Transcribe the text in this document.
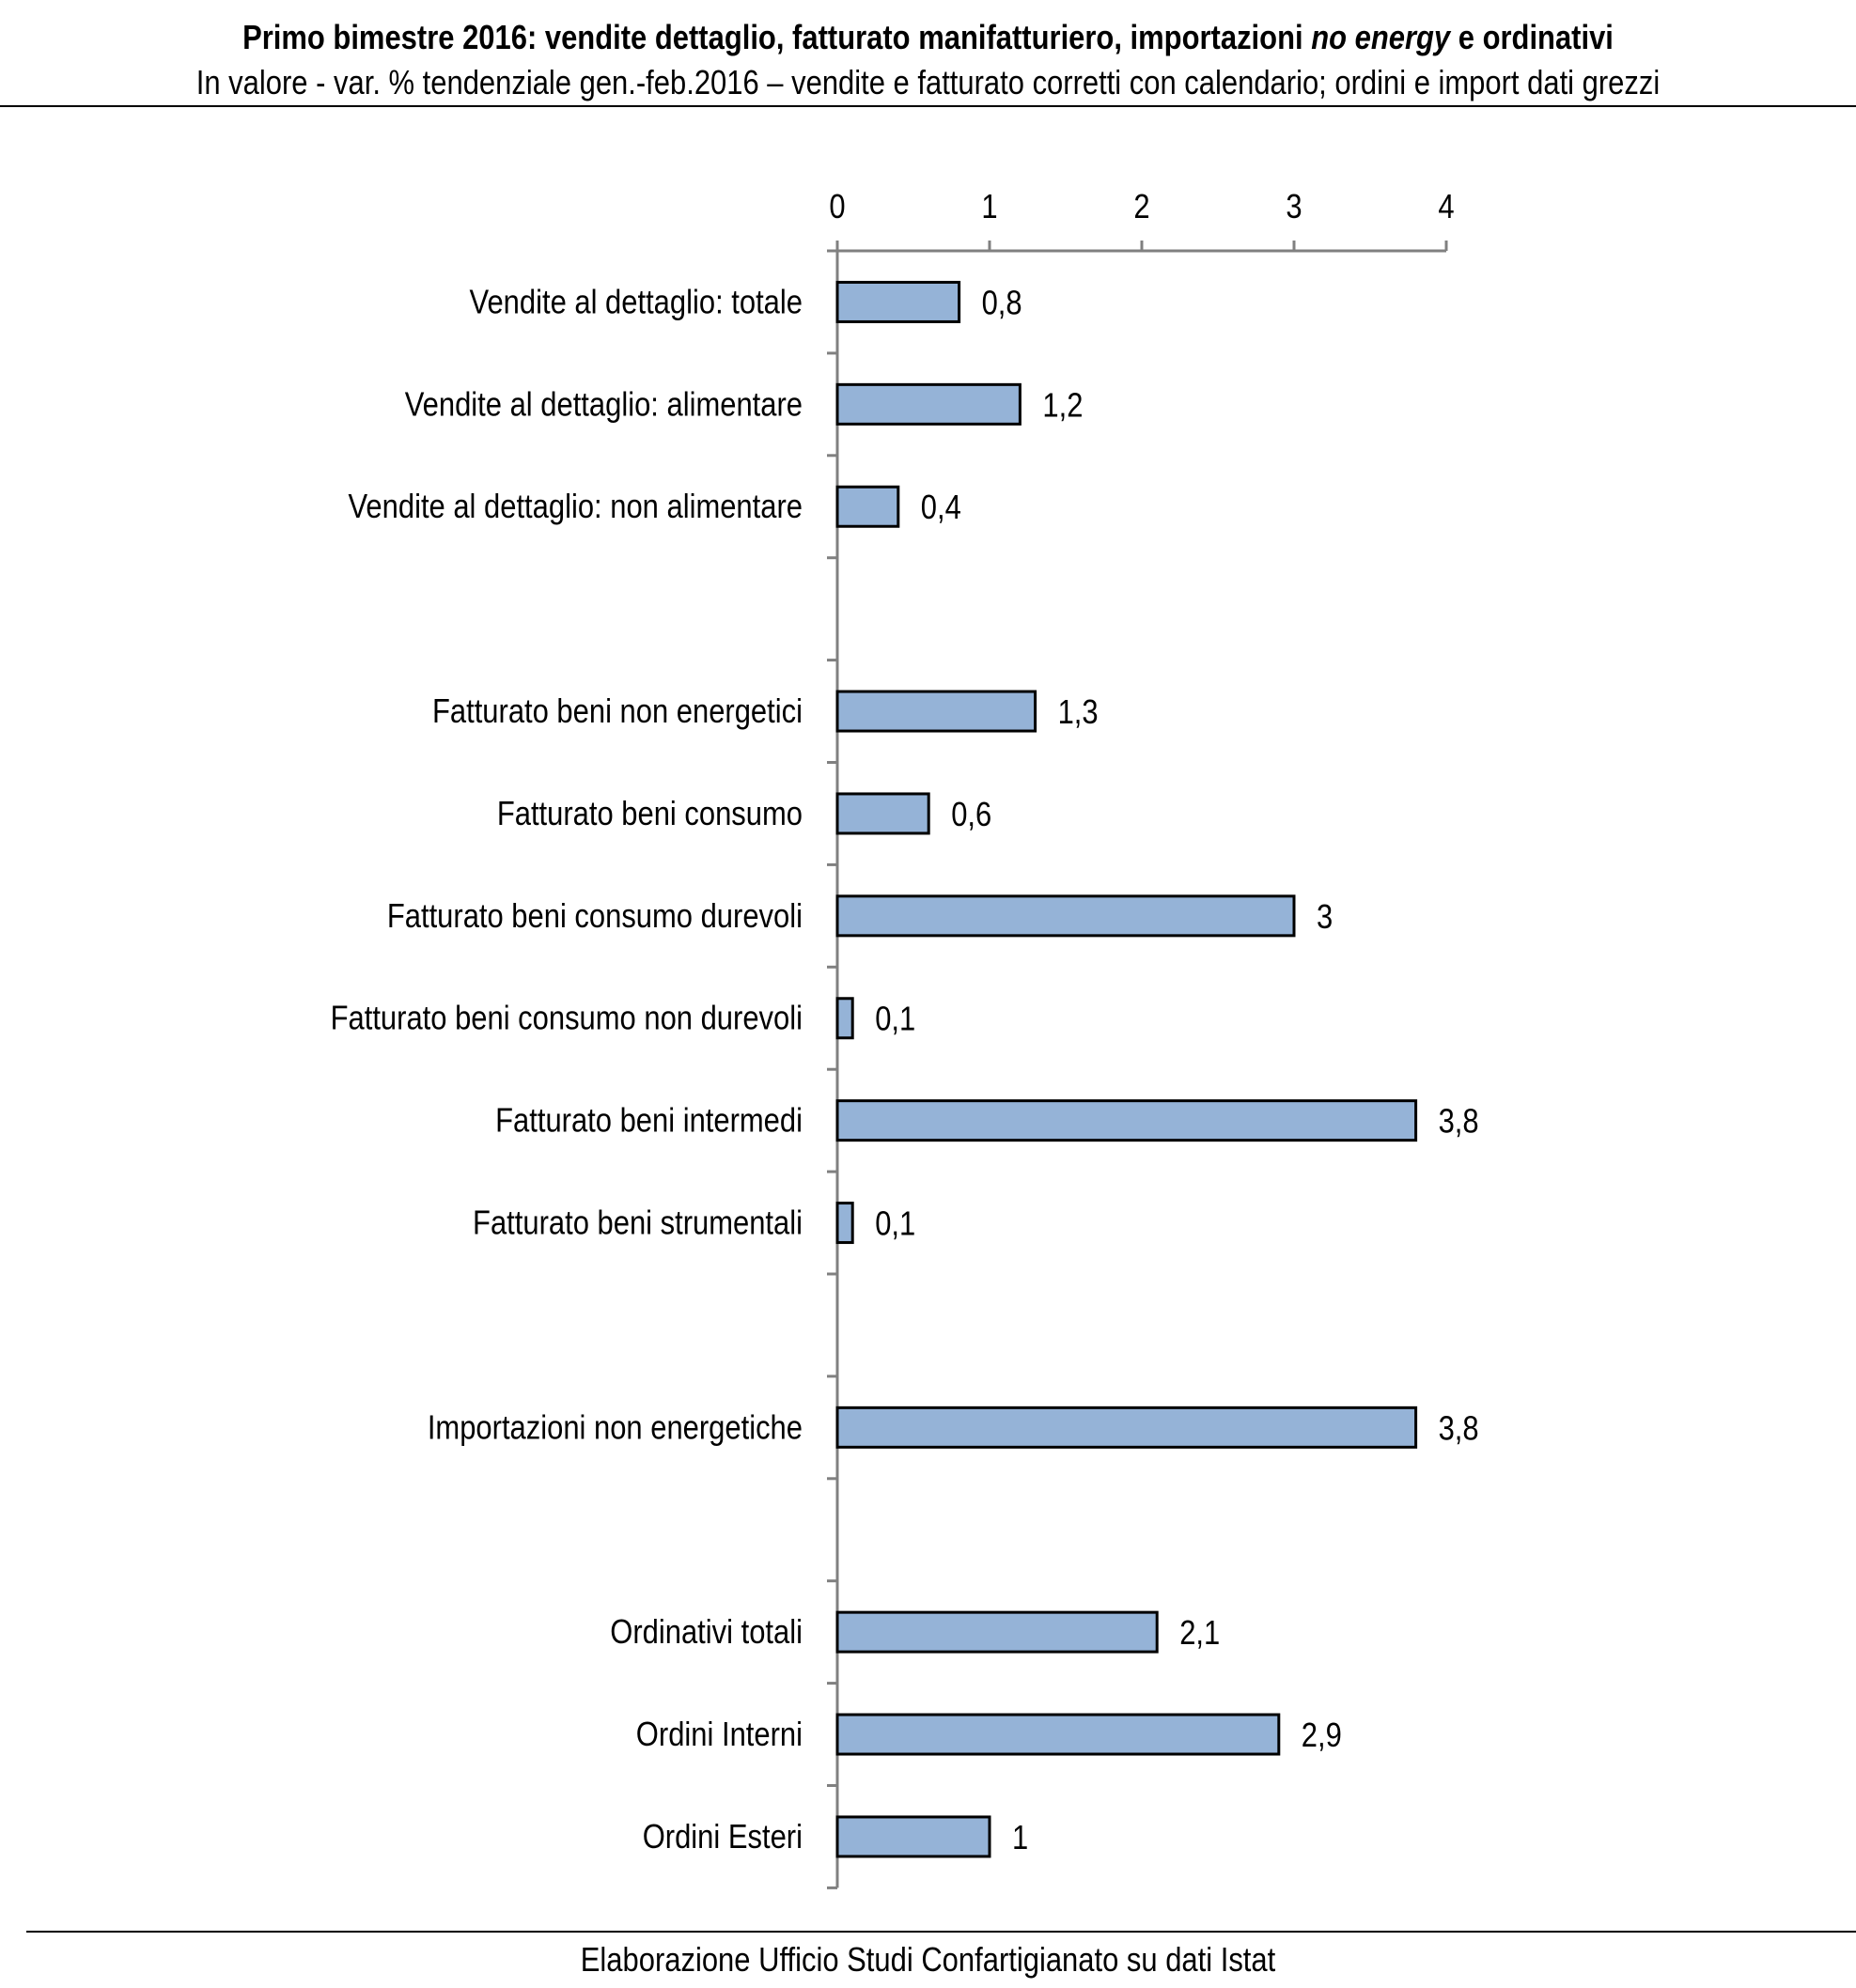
Primo bimestre 2016: vendite dettaglio, fatturato manifatturiero, importazioni no energy e ordinativi
In valore - var. % tendenziale gen.-feb.2016 – vendite e fatturato corretti con calendario; ordini e import dati grezzi
0	1	2	3	4
Vendite al dettaglio: totale
Vendite al dettaglio: alimentare
Vendite al dettaglio: non alimentare
Fatturato beni non energetici
Fatturato beni consumo
Fatturato beni consumo durevoli
Fatturato beni consumo non durevoli
Fatturato beni intermedi
Fatturato beni strumentali
Importazioni non energetiche
Ordinativi totali
Ordini Interni
Ordini Esteri
0,8
1,2
0,4
1,3
0,6
3
0,1
3,8
0,1
3,8
2,1
2,9
1
Elaborazione Ufficio Studi Confartigianato su dati Istat
